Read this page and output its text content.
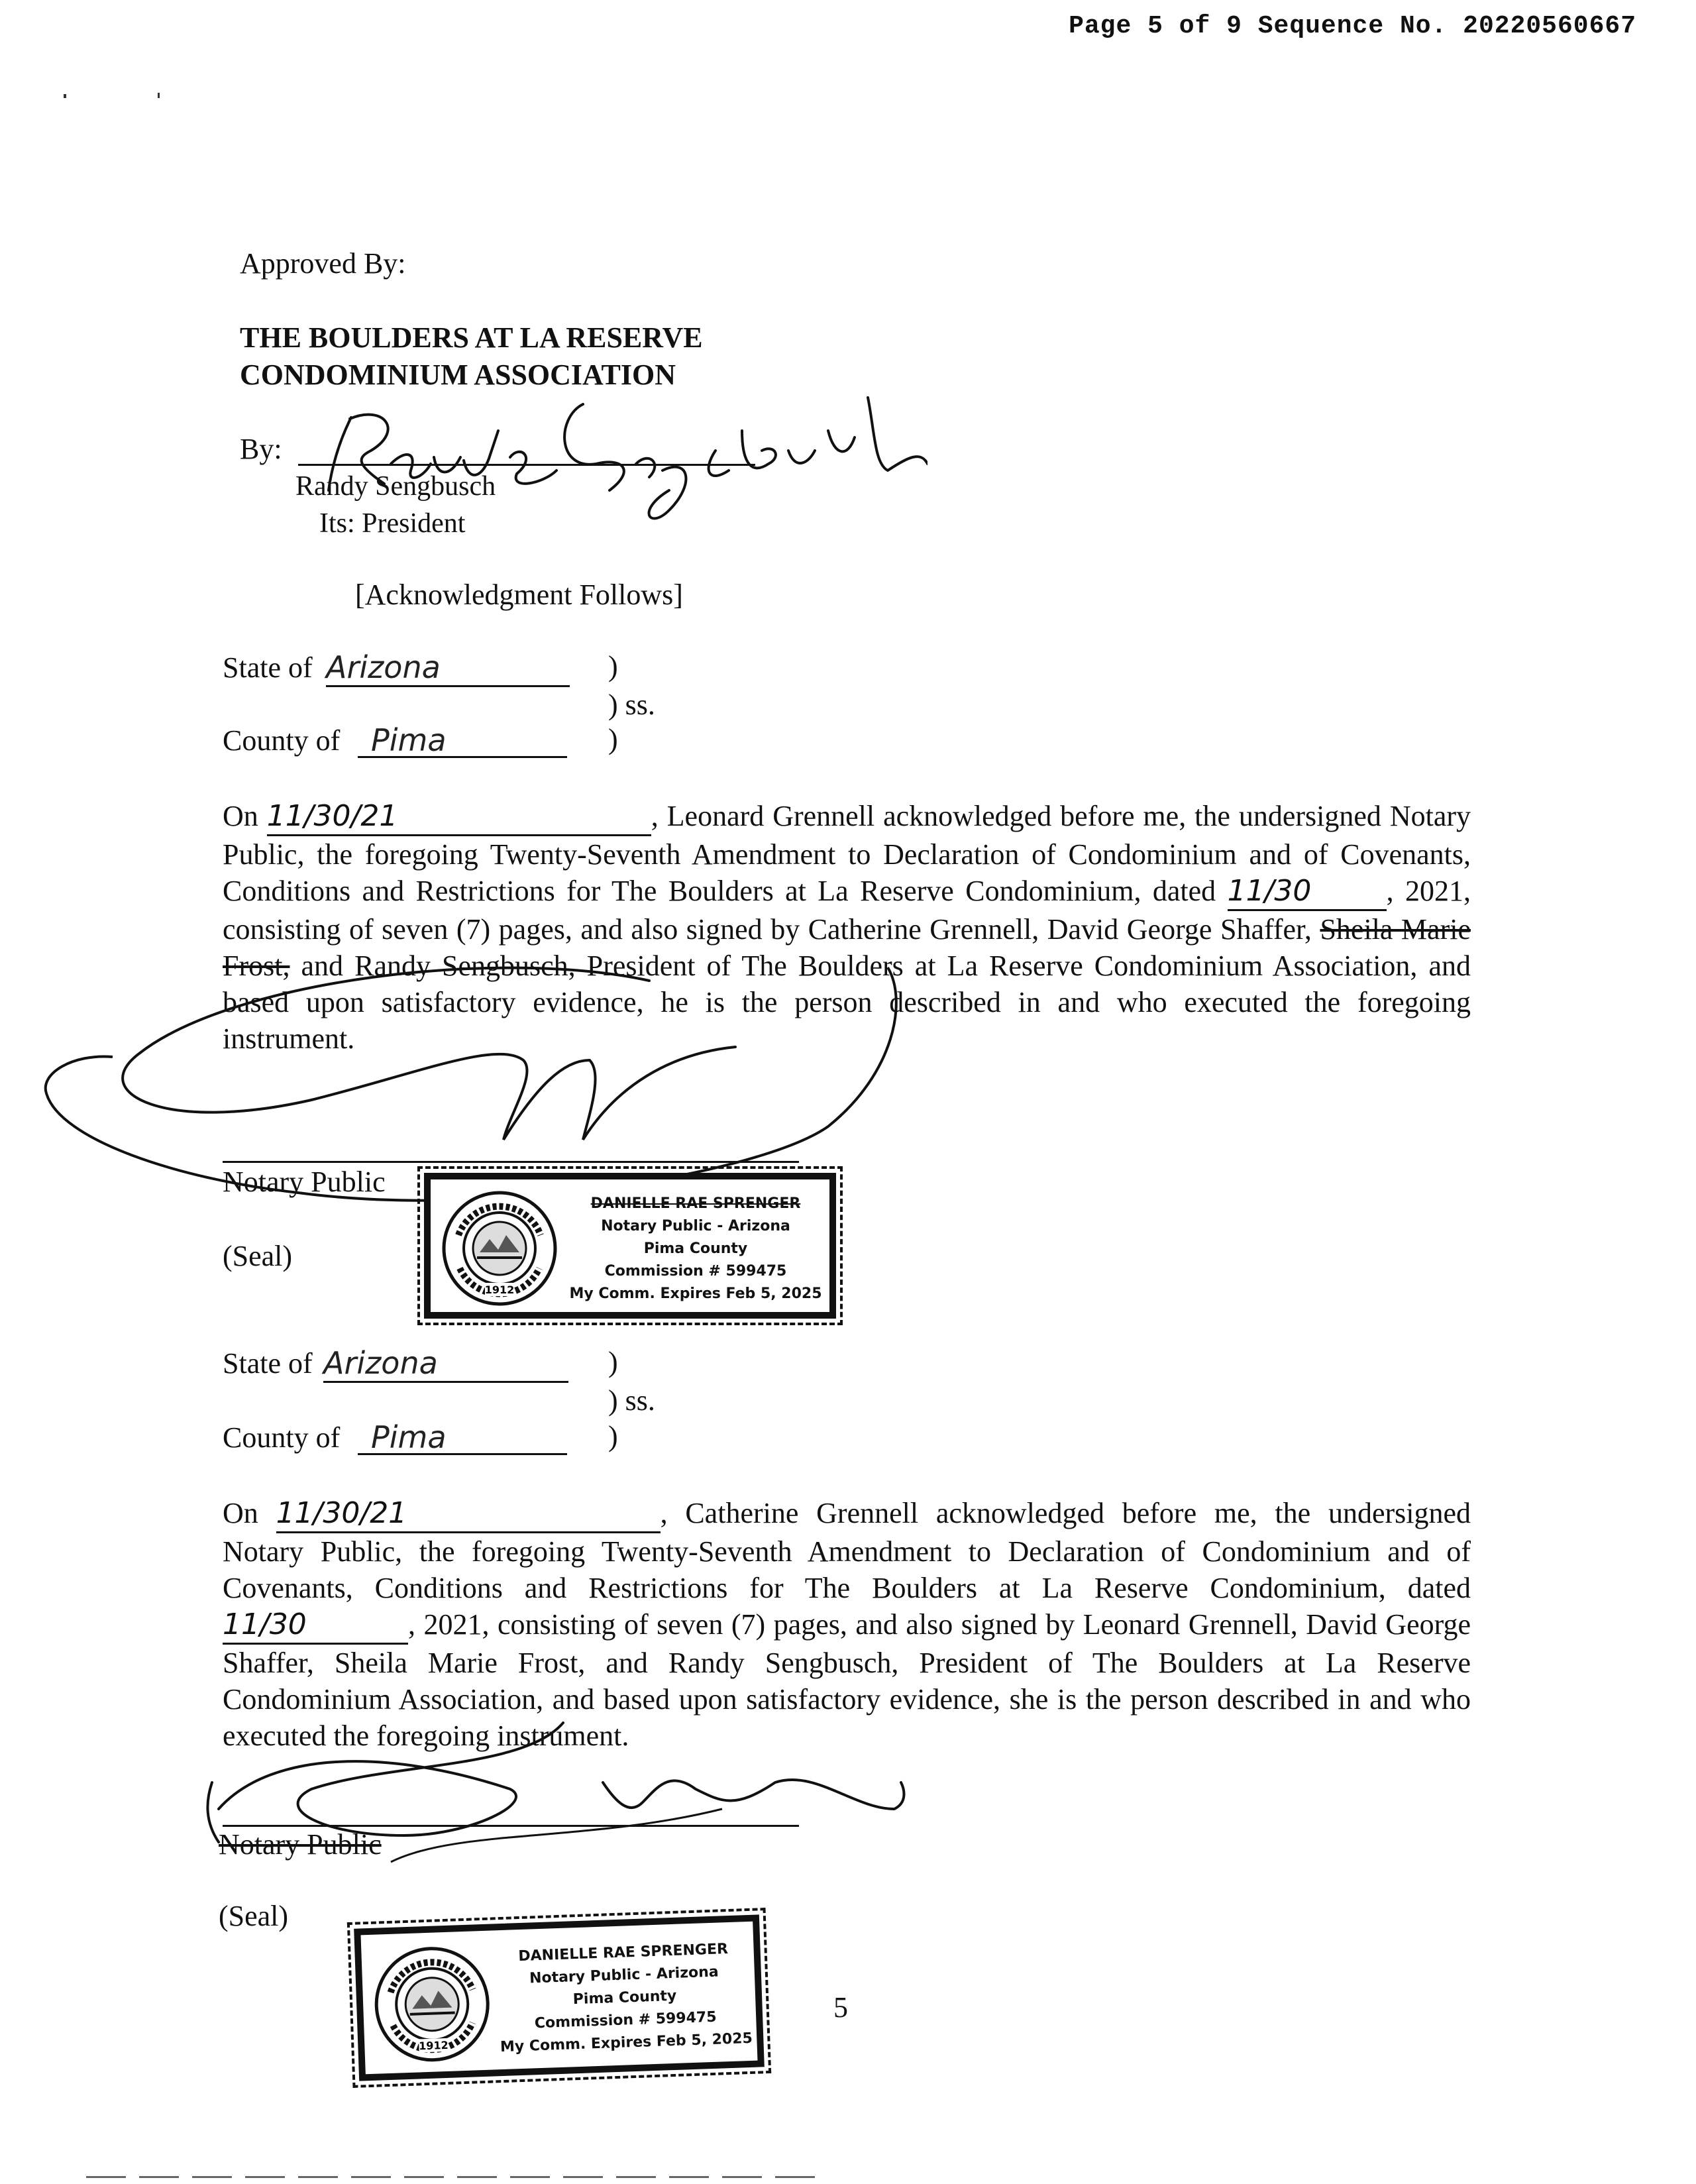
Page 5 of 9 Sequence No. 20220560667
Approved By:
THE BOULDERS AT LA RESERVE
CONDOMINIUM ASSOCIATION
By:
Randy Sengbusch
Its: President
[Acknowledgment Follows]
State of Arizona	)
) ss.
County of	Pima	)
On 11/30/21	, Leonard Grennell acknowledged before me, the undersigned Notary Public, the foregoing Twenty-Seventh Amendment to Declaration of Condominium and of Covenants, Conditions and Restrictions for The Boulders at La Reserve Condominium, dated 11/30	, 2021, consisting of seven (7) pages, and also signed by Catherine Grennell, David George Shaffer, Sheila Marie Frost, and Randy Sengbusch, President of The Boulders at La Reserve Condominium Association, and based upon satisfactory evidence, he is the person described in and who executed the foregoing instrument.
Notary Public
(Seal)
1912
DANIELLE RAE SPRENGER
Notary Public - Arizona
Pima County
Commission # 599475
My Comm. Expires Feb 5, 2025
State of Arizona	)
) ss.
County of	Pima	)
On 11/30/21	, Catherine Grennell acknowledged before me, the undersigned Notary Public, the foregoing Twenty-Seventh Amendment to Declaration of Condominium and of Covenants, Conditions and Restrictions for The Boulders at La Reserve Condominium, dated 11/30	, 2021, consisting of seven (7) pages, and also signed by Leonard Grennell, David George Shaffer, Sheila Marie Frost, and Randy Sengbusch, President of The Boulders at La Reserve Condominium Association, and based upon satisfactory evidence, she is the person described in and who executed the foregoing instrument.
Notary Public
(Seal)
1912
DANIELLE RAE SPRENGER
Notary Public - Arizona
Pima County
Commission # 599475
My Comm. Expires Feb 5, 2025
5
